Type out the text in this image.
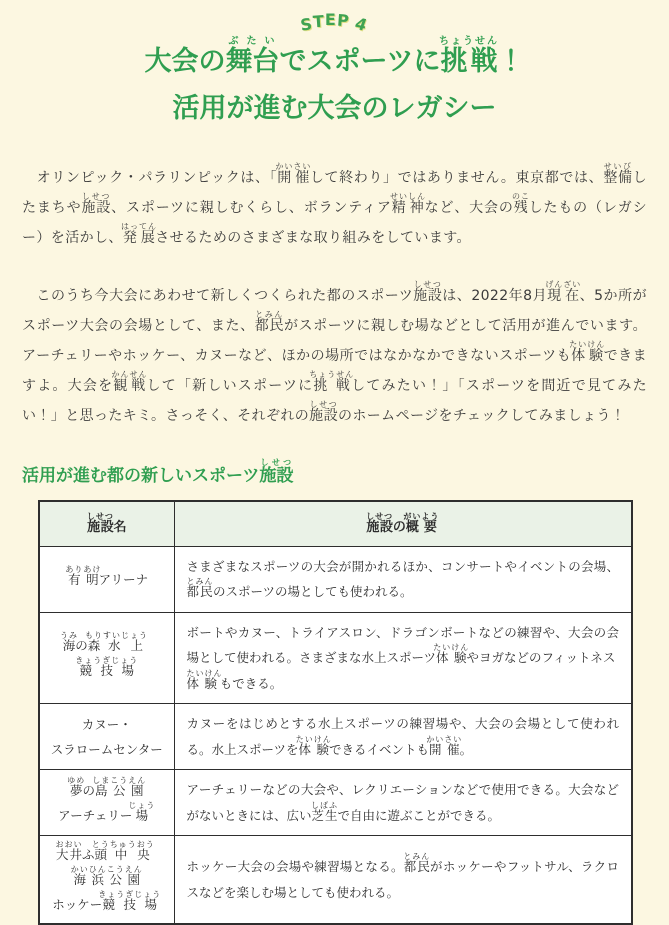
STEP 4
大会の舞台ぶたいでスポーツに挑戦ちょうせん！
活用が進む大会のレガシー

　オリンピック・パラリンピックは、「開催かいさいして終わり」ではありません。東京都では、整備せいびしたまちや施設しせつ、スポーツに親しむくらし、ボランティア精神せいしんなど、大会の残のこしたもの（レガシー）を活かし、発展はってんさせるためのさまざまな取り組みをしています。

　このうち今大会にあわせて新しくつくられた都のスポーツ施設しせつは、2022年8月現在げんざい、5か所がスポーツ大会の会場として、また、都民とみんがスポーツに親しむ場などとして活用が進んでいます。アーチェリーやホッケー、カヌーなど、ほかの場所ではなかなかできないスポーツも体験たいけんできますよ。大会を観戦かんせんして「新しいスポーツに挑戦ちょうせんしてみたい！」「スポーツを間近で見てみたい！」と思ったキミ。さっそく、それぞれの施設しせつのホームページをチェックしてみましょう！

活用が進む都の新しいスポーツ施設しせつ
施設しせつ名	施設しせつの概要がいよう
有明ありあけアリーナ	さまざまなスポーツの大会が開かれるほか、コンサートやイベントの会場、都民とみんのスポーツの場としても使われる。
海うみの森もり水上すいじょう競技場きょうぎじょう	ボートやカヌー、トライアスロン、ドラゴンボートなどの練習や、大会の会場として使われる。さまざまな水上スポーツ体験たいけんやヨガなどのフィットネス体験たいけんもできる。
カヌー・
スラロームセンター	カヌーをはじめとする水上スポーツの練習場や、大会の会場として使われる。水上スポーツを体験たいけんできるイベントも開催かいさい。
夢ゆめの島しま公園こうえん
アーチェリー場じょう	アーチェリーなどの大会や、レクリエーションなどで使用できる。大会などがないときには、広い芝生しばふで自由に遊ぶことができる。
大井おおいふ頭とう中央ちゅうおう海浜かいひん公園こうえん
ホッケー競技場きょうぎじょう	ホッケー大会の会場や練習場となる。都民とみんがホッケーやフットサル、ラクロスなどを楽しむ場としても使われる。
